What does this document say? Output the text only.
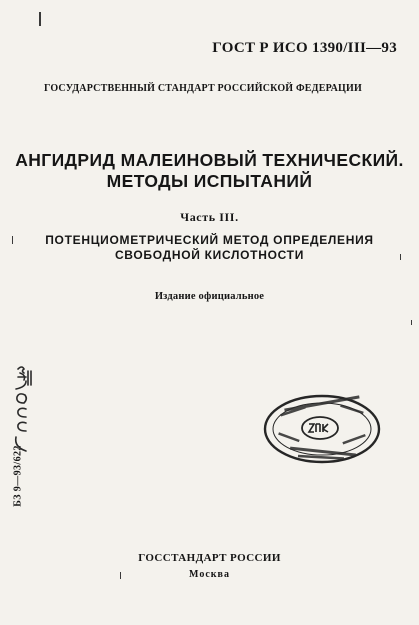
ГОСТ Р ИСО 1390/III—93
ГОСУДАРСТВЕННЫЙ СТАНДАРТ РОССИЙСКОЙ ФЕДЕРАЦИИ
АНГИДРИД МАЛЕИНОВЫЙ ТЕХНИЧЕСКИЙ.
МЕТОДЫ ИСПЫТАНИЙ
Часть III.
ПОТЕНЦИОМЕТРИЧЕСКИЙ МЕТОД ОПРЕДЕЛЕНИЯ
СВОБОДНОЙ КИСЛОТНОСТИ
Издание официальное
БЗ 9—93/622
ГОССТАНДАРТ РОССИИ
Москва
